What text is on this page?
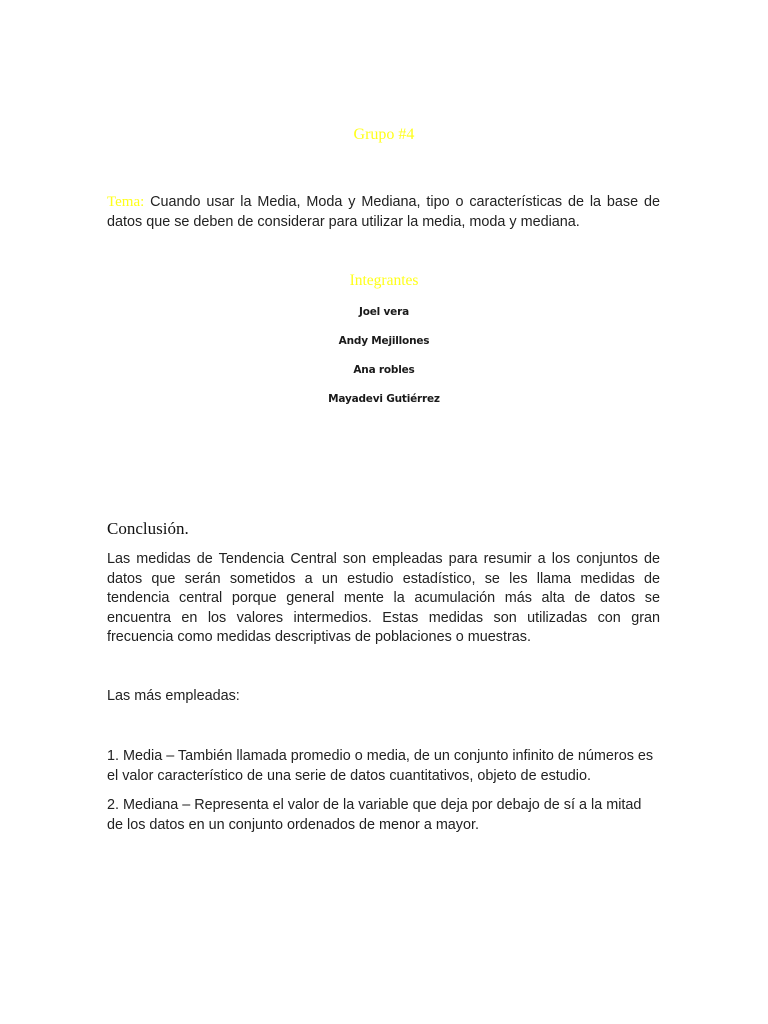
Grupo #4
Tema: Cuando usar la Media, Moda y Mediana, tipo o características de la base de datos que se deben de considerar para utilizar la media, moda y mediana.
Integrantes
Joel vera
Andy Mejillones
Ana robles
Mayadevi Gutiérrez
Conclusión.
Las medidas de Tendencia Central son empleadas para resumir a los conjuntos de datos que serán sometidos a un estudio estadístico, se les llama medidas de tendencia central porque general mente la acumulación más alta de datos se encuentra en los valores intermedios. Estas medidas son utilizadas con gran frecuencia como medidas descriptivas de poblaciones o muestras.
Las más empleadas:
1. Media – También llamada promedio o media, de un conjunto infinito de números es el valor característico de una serie de datos cuantitativos, objeto de estudio.
2. Mediana – Representa el valor de la variable que deja por debajo de sí a la mitad de los datos en un conjunto ordenados de menor a mayor.
